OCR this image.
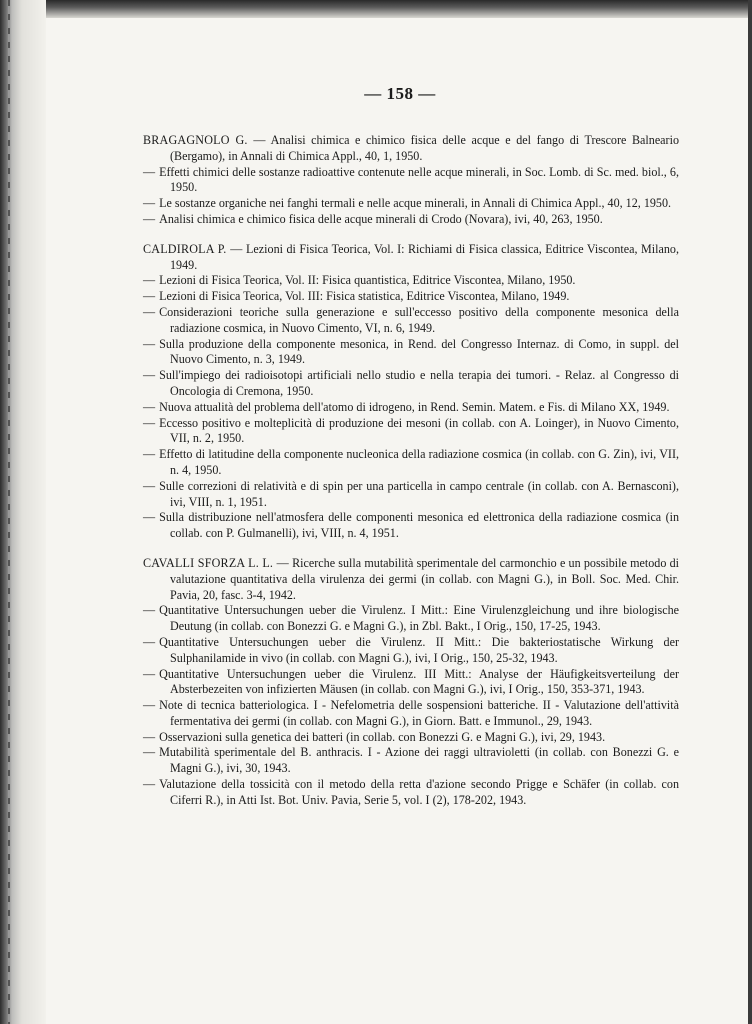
— 158 —
BRAGAGNOLO G. — Analisi chimica e chimico fisica delle acque e del fango di Trescore Balneario (Bergamo), in Annali di Chimica Appl., 40, 1, 1950.
— Effetti chimici delle sostanze radioattive contenute nelle acque minerali, in Soc. Lomb. di Sc. med. biol., 6, 1950.
— Le sostanze organiche nei fanghi termali e nelle acque minerali, in Annali di Chimica Appl., 40, 12, 1950.
— Analisi chimica e chimico fisica delle acque minerali di Crodo (Novara), ivi, 40, 263, 1950.
CALDIROLA P. — Lezioni di Fisica Teorica, Vol. I: Richiami di Fisica classica, Editrice Viscontea, Milano, 1949.
— Lezioni di Fisica Teorica, Vol. II: Fisica quantistica, Editrice Viscontea, Milano, 1950.
— Lezioni di Fisica Teorica, Vol. III: Fisica statistica, Editrice Viscontea, Milano, 1949.
— Considerazioni teoriche sulla generazione e sull'eccesso positivo della componente mesonica della radiazione cosmica, in Nuovo Cimento, VI, n. 6, 1949.
— Sulla produzione della componente mesonica, in Rend. del Congresso Internaz. di Como, in suppl. del Nuovo Cimento, n. 3, 1949.
— Sull'impiego dei radioisotopi artificiali nello studio e nella terapia dei tumori. - Relaz. al Congresso di Oncologia di Cremona, 1950.
— Nuova attualità del problema dell'atomo di idrogeno, in Rend. Semin. Matem. e Fis. di Milano XX, 1949.
— Eccesso positivo e molteplicità di produzione dei mesoni (in collab. con A. Loinger), in Nuovo Cimento, VII, n. 2, 1950.
— Effetto di latitudine della componente nucleonica della radiazione cosmica (in collab. con G. Zin), ivi, VII, n. 4, 1950.
— Sulle correzioni di relatività e di spin per una particella in campo centrale (in collab. con A. Bernasconi), ivi, VIII, n. 1, 1951.
— Sulla distribuzione nell'atmosfera delle componenti mesonica ed elettronica della radiazione cosmica (in collab. con P. Gulmanelli), ivi, VIII, n. 4, 1951.
CAVALLI SFORZA L. L. — Ricerche sulla mutabilità sperimentale del carmonchio e un possibile metodo di valutazione quantitativa della virulenza dei germi (in collab. con Magni G.), in Boll. Soc. Med. Chir. Pavia, 20, fasc. 3-4, 1942.
— Quantitative Untersuchungen ueber die Virulenz. I Mitt.: Eine Virulenzgleichung und ihre biologische Deutung (in collab. con Bonezzi G. e Magni G.), in Zbl. Bakt., I Orig., 150, 17-25, 1943.
— Quantitative Untersuchungen ueber die Virulenz. II Mitt.: Die bakteriostatische Wirkung der Sulphanilamide in vivo (in collab. con Magni G.), ivi, I Orig., 150, 25-32, 1943.
— Quantitative Untersuchungen ueber die Virulenz. III Mitt.: Analyse der Häufigkeitsverteilung der Absterbezeiten von infizierten Mäusen (in collab. con Magni G.), ivi, I Orig., 150, 353-371, 1943.
— Note di tecnica batteriologica. I - Nefelometria delle sospensioni batteriche. II - Valutazione dell'attività fermentativa dei germi (in collab. con Magni G.), in Giorn. Batt. e Immunol., 29, 1943.
— Osservazioni sulla genetica dei batteri (in collab. con Bonezzi G. e Magni G.), ivi, 29, 1943.
— Mutabilità sperimentale del B. anthracis. I - Azione dei raggi ultravioletti (in collab. con Bonezzi G. e Magni G.), ivi, 30, 1943.
— Valutazione della tossicità con il metodo della retta d'azione secondo Prigge e Schäfer (in collab. con Ciferri R.), in Atti Ist. Bot. Univ. Pavia, Serie 5, vol. I (2), 178-202, 1943.
